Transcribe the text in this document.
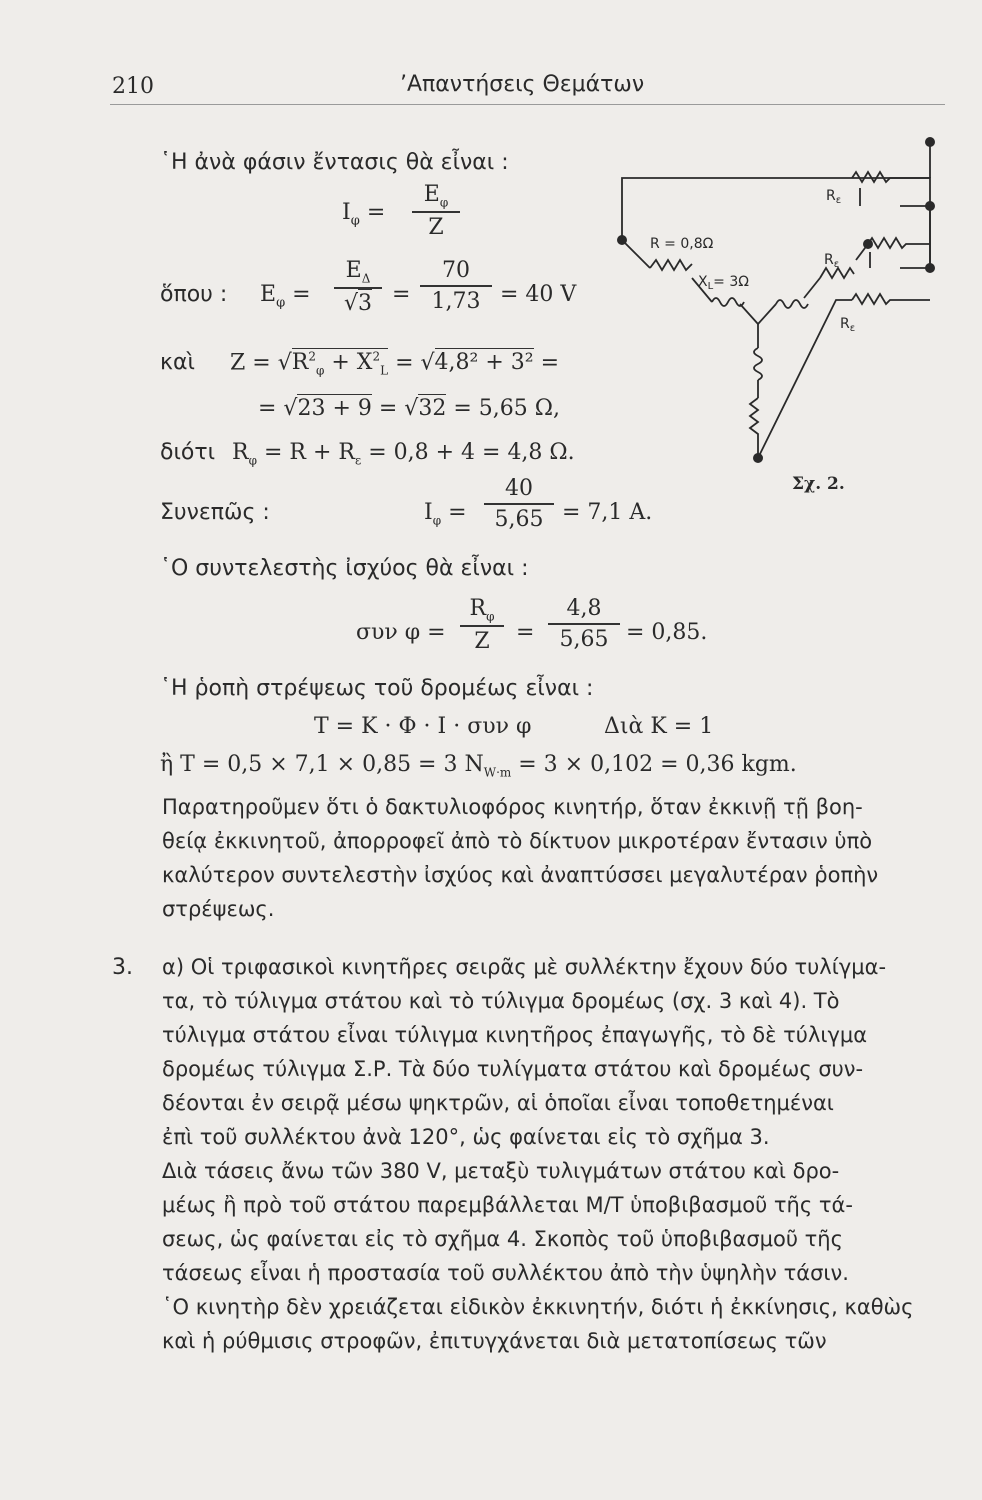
210	’Απαντήσεις Θεμάτων
῾Η ἀνὰ φάσιν ἔντασις θὰ εἶναι :
$I_\varphi$ =
$E_\varphi$
Z
ὅπου : $E_\varphi$ =
$E_\Delta$
√3 =
70
1,73 = 40 V
καὶ $Z = √R^2_\varphi + X^2_L = √4,8^2 + 3^2$ =
= √23 + 9 = √32 = 5,65 Ω,
διότι $R_\varphi = R + R_\varepsilon = 0,8 + 4 = 4,8$ Ω.
Συνεπῶς :	$I_\varphi$ =
40
5,65 = 7,1 A.
῾Ο συντελεστὴς ἰσχύος θὰ εἶναι :
συν φ =
$R_\varphi$
Z	=
4,8
5,65 = 0,85.
῾Η ῥοπὴ στρέψεως τοῦ δρομέως εἶναι :
T = K · Φ · I · συν φ	Διὰ K = 1
ἢ T = 0,5 × 7,1 × 0,85 = 3 $N_{W\cdot m} = 3 \times 0,102 = 0,36$ kgm.
Παρατηροῦμεν ὅτι ὁ δακτυλιοφόρος κινητήρ, ὅταν ἐκκινῇ τῇ βοη-
θείᾳ ἐκκινητοῦ, ἀπορροφεῖ ἀπὸ τὸ δίκτυον μικροτέραν ἔντασιν ὑπὸ
καλύτερον συντελεστὴν ἰσχύος καὶ ἀναπτύσσει μεγαλυτέραν ῥοπὴν
στρέψεως.
3. α) Οἱ τριφασικοὶ κινητῆρες σειρᾶς μὲ συλλέκτην ἔχουν δύο τυλίγμα-
τα, τὸ τύλιγμα στάτου καὶ τὸ τύλιγμα δρομέως (σχ. 3 καὶ 4). Τὸ
τύλιγμα στάτου εἶναι τύλιγμα κινητῆρος ἐπαγωγῆς, τὸ δὲ τύλιγμα
δρομέως τύλιγμα Σ.Ρ. Τὰ δύο τυλίγματα στάτου καὶ δρομέως συν-
δέονται ἐν σειρᾷ μέσω ψηκτρῶν, αἱ ὁποῖαι εἶναι τοποθετημέναι
ἐπὶ τοῦ συλλέκτου ἀνὰ 120°, ὡς φαίνεται εἰς τὸ σχῆμα 3.
Διὰ τάσεις ἄνω τῶν 380 V, μεταξὺ τυλιγμάτων στάτου καὶ δρο-
μέως ἢ πρὸ τοῦ στάτου παρεμβάλλεται Μ/Τ ὑποβιβασμοῦ τῆς τά-
σεως, ὡς φαίνεται εἰς τὸ σχῆμα 4. Σκοπὸς τοῦ ὑποβιβασμοῦ τῆς
τάσεως εἶναι ἡ προστασία τοῦ συλλέκτου ἀπὸ τὴν ὑψηλὴν τάσιν.
῾Ο κινητὴρ δὲν χρειάζεται εἰδικὸν ἐκκινητήν, διότι ἡ ἐκκίνησις, καθὼς
καὶ ἡ ρύθμισις στροφῶν, ἐπιτυγχάνεται διὰ μετατοπίσεως τῶν
R = 0,8Ω
$X_L= 3\Omega$
$R_\varepsilon$
$R_\varepsilon$
$R_\varepsilon$
Σχ. 2.
